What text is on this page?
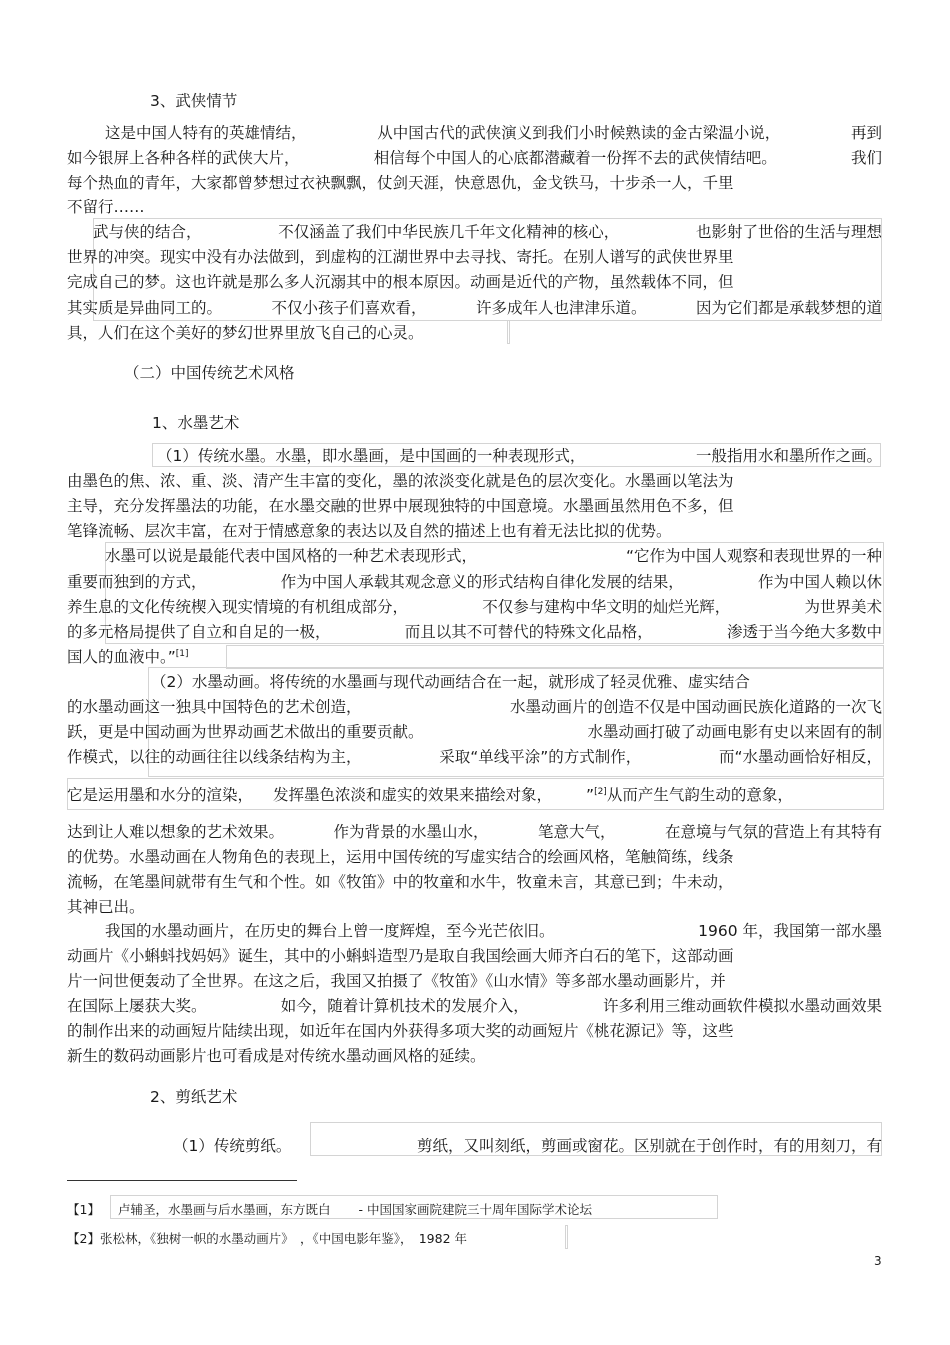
3、武侠情节
这是中国人特有的英雄情结，	从中国古代的武侠演义到我们小时候熟读的金古梁温小说，	再到
如今银屏上各种各样的武侠大片，	相信每个中国人的心底都潜藏着一份挥不去的武侠情结吧。	我们
每个热血的青年，大家都曾梦想过衣袂飘飘，仗剑天涯，快意恩仇，金戈铁马，十步杀一人，千里
不留行……
武与侠的结合，	不仅涵盖了我们中华民族几千年文化精神的核心，	也影射了世俗的生活与理想
世界的冲突。现实中没有办法做到，到虚构的江湖世界中去寻找、寄托。在别人谱写的武侠世界里
完成自己的梦。这也许就是那么多人沉溺其中的根本原因。动画是近代的产物，虽然载体不同，但
其实质是异曲同工的。	不仅小孩子们喜欢看，	许多成年人也津津乐道。	因为它们都是承载梦想的道
具，人们在这个美好的梦幻世界里放飞自己的心灵。
（二）中国传统艺术风格
1、水墨艺术
（1）传统水墨。水墨，即水墨画，是中国画的一种表现形式，	一般指用水和墨所作之画。
由墨色的焦、浓、重、淡、清产生丰富的变化，墨的浓淡变化就是色的层次变化。水墨画以笔法为
主导，充分发挥墨法的功能，在水墨交融的世界中展现独特的中国意境。水墨画虽然用色不多，但
笔锋流畅、层次丰富，在对于情感意象的表达以及自然的描述上也有着无法比拟的优势。
水墨可以说是最能代表中国风格的一种艺术表现形式，	“它作为中国人观察和表现世界的一种
重要而独到的方式，	作为中国人承载其观念意义的形式结构自律化发展的结果，	作为中国人赖以休
养生息的文化传统楔入现实情境的有机组成部分，	不仅参与建构中华文明的灿烂光辉，	为世界美术
的多元格局提供了自立和自足的一极，	而且以其不可替代的特殊文化品格，	渗透于当今绝大多数中
国人的血液中。”[1]
（2）水墨动画。将传统的水墨画与现代动画结合在一起，就形成了轻灵优雅、虚实结合
的水墨动画这一独具中国特色的艺术创造，	水墨动画片的创造不仅是中国动画民族化道路的一次飞
跃，更是中国动画为世界动画艺术做出的重要贡献。	水墨动画打破了动画电影有史以来固有的制
作模式，以往的动画往往以线条结构为主，	采取“单线平涂”的方式制作，	而“水墨动画恰好相反，
它是运用墨和水分的渲染， 发挥墨色浓淡和虚实的效果来描绘对象， ”[2]从而产生气韵生动的意象，
达到让人难以想象的艺术效果。	作为背景的水墨山水，	笔意大气，	在意境与气氛的营造上有其特有
的优势。水墨动画在人物角色的表现上，运用中国传统的写虚实结合的绘画风格，笔触简练，线条
流畅，在笔墨间就带有生气和个性。如《牧笛》中的牧童和水牛，牧童未言，其意已到；牛未动，
其神已出。
我国的水墨动画片，在历史的舞台上曾一度辉煌，至今光芒依旧。	1960 年，我国第一部水墨
动画片《小蝌蚪找妈妈》诞生，其中的小蝌蚪造型乃是取自我国绘画大师齐白石的笔下，这部动画
片一问世便轰动了全世界。在这之后，我国又拍摄了《牧笛》《山水情》等多部水墨动画影片，并
在国际上屡获大奖。	如今，随着计算机技术的发展介入，	许多利用三维动画软件模拟水墨动画效果
的制作出来的动画短片陆续出现，如近年在国内外获得多项大奖的动画短片《桃花源记》等，这些
新生的数码动画影片也可看成是对传统水墨动画风格的延续。
2、剪纸艺术
（1）传统剪纸。	剪纸，又叫刻纸，剪画或窗花。区别就在于创作时，有的用刻刀，有
【1】 卢辅圣，水墨画与后水墨画，东方既白 - 中国国家画院建院三十周年国际学术论坛
【2】张松林，《独树一帜的水墨动画片》　，《中国电影年鉴》，　1982 年
3
